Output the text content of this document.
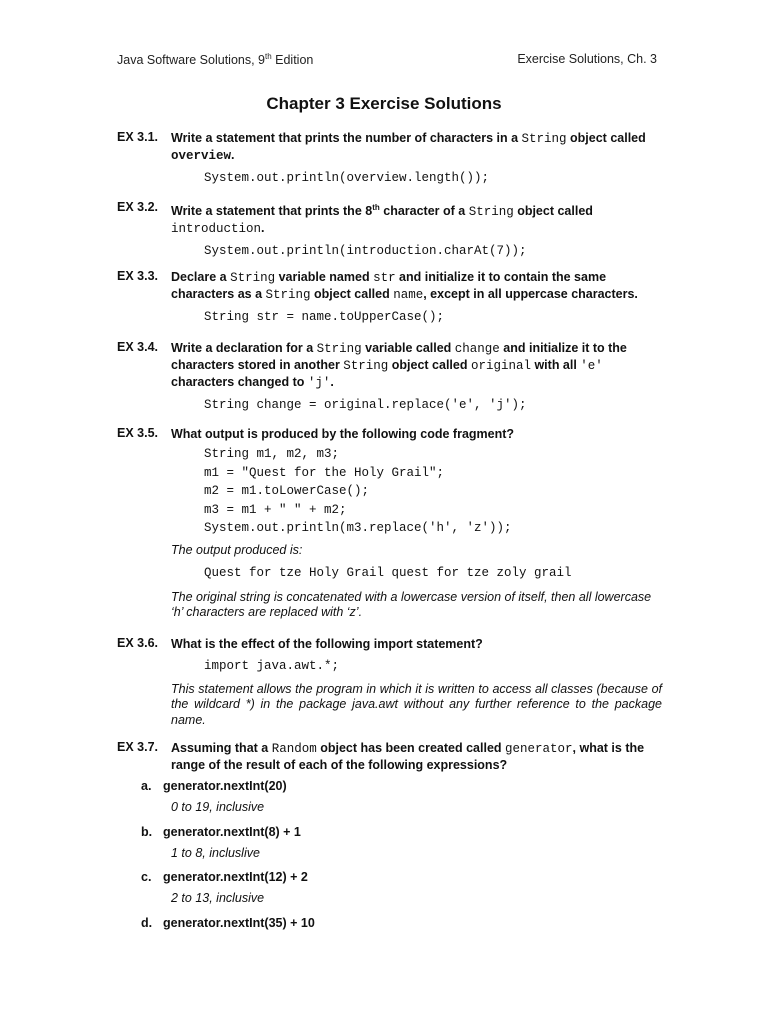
Java Software Solutions, 9th Edition	Exercise Solutions, Ch. 3
Chapter 3 Exercise Solutions
EX 3.1. Write a statement that prints the number of characters in a String object called
overview.
System.out.println(overview.length());
EX 3.2. Write a statement that prints the 8th character of a String object called
introduction.
System.out.println(introduction.charAt(7));
EX 3.3. Declare a String variable named str and initialize it to contain the same
characters as a String object called name, except in all uppercase characters.
String str = name.toUpperCase();
EX 3.4. Write a declaration for a String variable called change and initialize it to the
characters stored in another String object called original with all 'e'
characters changed to 'j'.
String change = original.replace('e', 'j');
EX 3.5. What output is produced by the following code fragment?
String m1, m2, m3;
m1 = "Quest for the Holy Grail";
m2 = m1.toLowerCase();
m3 = m1 + " " + m2;
System.out.println(m3.replace('h', 'z'));
The output produced is:
Quest for tze Holy Grail quest for tze zoly grail
The original string is concatenated with a lowercase version of itself, then all lowercase ‘h’ characters are replaced with ‘z’.
EX 3.6. What is the effect of the following import statement?
import java.awt.*;
This statement allows the program in which it is written to access all classes (because of the wildcard *) in the package java.awt without any further reference to the package name.
EX 3.7. Assuming that a Random object has been created called generator, what is the
range of the result of each of the following expressions?
a. generator.nextInt(20)
0 to 19, inclusive
b. generator.nextInt(8) + 1
1 to 8, incluslive
c. generator.nextInt(12) + 2
2 to 13, inclusive
d. generator.nextInt(35) + 10
